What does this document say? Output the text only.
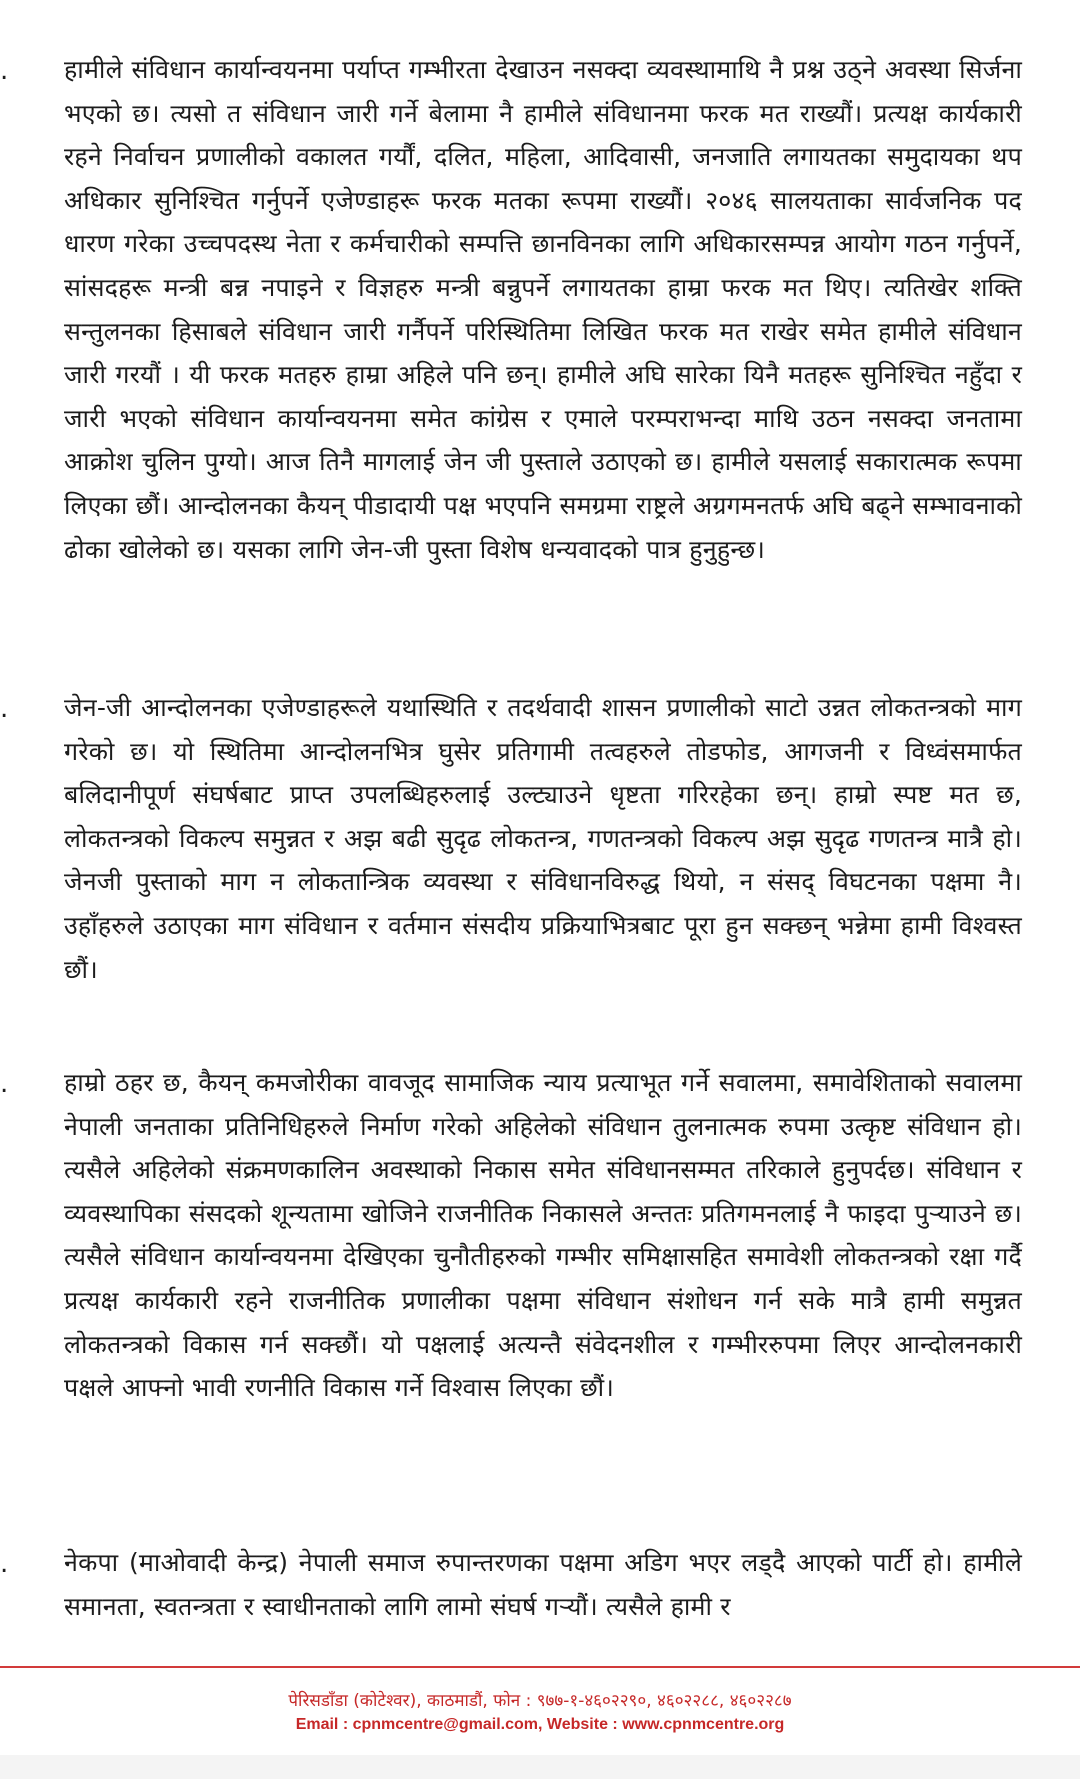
. हामीले संविधान कार्यान्वयनमा पर्याप्त गम्भीरता देखाउन नसक्दा व्यवस्थामाथि नै प्रश्न उठ्ने अवस्था सिर्जना भएको छ। त्यसो त संविधान जारी गर्ने बेलामा नै हामीले संविधानमा फरक मत राख्यौं। प्रत्यक्ष कार्यकारी रहने निर्वाचन प्रणालीको वकालत गर्यौं, दलित, महिला, आदिवासी, जनजाति लगायतका समुदायका थप अधिकार सुनिश्चित गर्नुपर्ने एजेण्डाहरू फरक मतका रूपमा राख्यौं। २०४६ सालयताका सार्वजनिक पद धारण गरेका उच्चपदस्थ नेता र कर्मचारीको सम्पत्ति छानविनका लागि अधिकारसम्पन्न आयोग गठन गर्नुपर्ने, सांसदहरू मन्त्री बन्न नपाइने र विज्ञहरु मन्त्री बन्नुपर्ने लगायतका हाम्रा फरक मत थिए। त्यतिखेर शक्ति सन्तुलनका हिसाबले संविधान जारी गर्नैपर्ने परिस्थितिमा लिखित फरक मत राखेर समेत हामीले संविधान जारी गरयौं । यी फरक मतहरु हाम्रा अहिले पनि छन्। हामीले अघि सारेका यिनै मतहरू सुनिश्चित नहुँदा र जारी भएको संविधान कार्यान्वयनमा समेत कांग्रेस र एमाले परम्पराभन्दा माथि उठन नसक्दा जनतामा आक्रोश चुलिन पुग्यो। आज तिनै मागलाई जेन जी पुस्ताले उठाएको छ। हामीले यसलाई सकारात्मक रूपमा लिएका छौं। आन्दोलनका कैयन् पीडादायी पक्ष भएपनि समग्रमा राष्ट्रले अग्रगमनतर्फ अघि बढ्ने सम्भावनाको ढोका खोलेको छ। यसका लागि जेन-जी पुस्ता विशेष धन्यवादको पात्र हुनुहुन्छ।
. जेन-जी आन्दोलनका एजेण्डाहरूले यथास्थिति र तदर्थवादी शासन प्रणालीको साटो उन्नत लोकतन्त्रको माग गरेको छ। यो स्थितिमा आन्दोलनभित्र घुसेर प्रतिगामी तत्वहरुले तोडफोड, आगजनी र विध्वंसमार्फत बलिदानीपूर्ण संघर्षबाट प्राप्त उपलब्धिहरुलाई उल्ट्याउने धृष्टता गरिरहेका छन्। हाम्रो स्पष्ट मत छ, लोकतन्त्रको विकल्प समुन्नत र अझ बढी सुदृढ लोकतन्त्र, गणतन्त्रको विकल्प अझ सुदृढ गणतन्त्र मात्रै हो। जेनजी पुस्ताको माग न लोकतान्त्रिक व्यवस्था र संविधानविरुद्ध थियो, न संसद् विघटनका पक्षमा नै। उहाँहरुले उठाएका माग संविधान र वर्तमान संसदीय प्रक्रियाभित्रबाट पूरा हुन सक्छन् भन्नेमा हामी विश्वस्त छौं।
. हाम्रो ठहर छ, कैयन् कमजोरीका वावजूद सामाजिक न्याय प्रत्याभूत गर्ने सवालमा, समावेशिताको सवालमा नेपाली जनताका प्रतिनिधिहरुले निर्माण गरेको अहिलेको संविधान तुलनात्मक रुपमा उत्कृष्ट संविधान हो। त्यसैले अहिलेको संक्रमणकालिन अवस्थाको निकास समेत संविधानसम्मत तरिकाले हुनुपर्दछ। संविधान र व्यवस्थापिका संसदको शून्यतामा खोजिने राजनीतिक निकासले अन्ततः प्रतिगमनलाई नै फाइदा पुर्‍याउने छ। त्यसैले संविधान कार्यान्वयनमा देखिएका चुनौतीहरुको गम्भीर समिक्षासहित समावेशी लोकतन्त्रको रक्षा गर्दै प्रत्यक्ष कार्यकारी रहने राजनीतिक प्रणालीका पक्षमा संविधान संशोधन गर्न सके मात्रै हामी समुन्नत लोकतन्त्रको विकास गर्न सक्छौं। यो पक्षलाई अत्यन्तै संवेदनशील र गम्भीररुपमा लिएर आन्दोलनकारी पक्षले आफ्नो भावी रणनीति विकास गर्ने विश्वास लिएका छौं।
. नेकपा (माओवादी केन्द्र) नेपाली समाज रुपान्तरणका पक्षमा अडिग भएर लड्दै आएको पार्टी हो। हामीले समानता, स्वतन्त्रता र स्वाधीनताको लागि लामो संघर्ष गर्‍यौं। त्यसैले हामी र
पेरिसडाँडा (कोटेश्वर), काठमाडौं, फोन : ९७७-१-४६०२२९०, ४६०२२८८, ४६०२२८७
Email : cpnmcentre@gmail.com, Website : www.cpnmcentre.org
